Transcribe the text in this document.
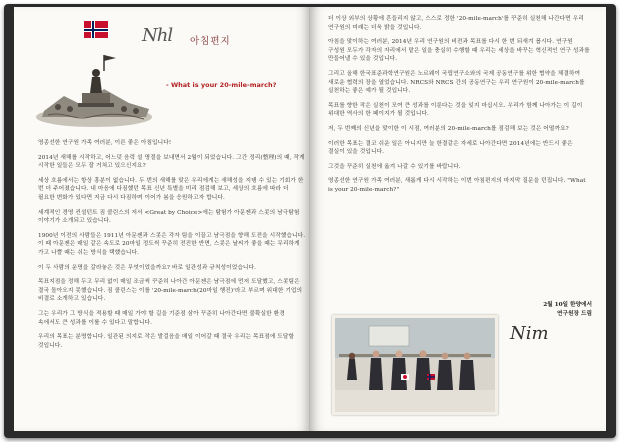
Nhl 아침편지
- What is your 20-mile-march?

영종선한 연구원 가족 여러분, 이른 좋은 아침입니다!

2014년 새해를 시작하고, 어느덧 음력 설 명절을 보내면서 2월이 되었습니다. 그간 정리(整理)의 때, 작게 시작한 일들은 모두 잘 거쳐고 있으신지요?

세상 흐름에서는 항상 흥분이 없습니다. 두 번의 새해를 맞은 우리에게는 새해성을 지탱 수 있는 기회가 한 번 더 주어졌습니다. 내 마음에 다짐했던 목표 신년 특별을 미리 점검해 보고, 세상의 흐름에 따라 더 필요한 변화가 있다면 지금 다시 다짐하며 이어가 봄을 응원하고자 합니다.

세계적인 경영 컨설턴트 짐 콜린스의 저서 <Great by Choice>에는 탐험가 아문젠과 스콧의 남극탐험 이야기가 소개되고 있습니다.

1900년 이전의 사람들은 1911년 아문젠과 스콧은 각자 팀을 이끌고 남극점을 향해 도전을 시작했습니다. 이 때 아문젠은 매일 같은 속도로 20마일 정도씩 꾸준히 전진한 반면, 스콧은 날씨가 좋을 때는 무리하게 가고 나쁠 때는 쉬는 방식을 택했습니다.

이 두 사람의 운명을 갈라놓은 것은 무엇이었을까요? 바로 일관성과 규칙성이었습니다.

목표지점을 정해 두고 무리 없이 매일 조금씩 꾸준히 나아간 아문젠은 남극점에 먼저 도달했고, 스콧팀은 결국 돌아오지 못했습니다. 짐 콜린스는 이를 '20-mile-march(20마일 행진)'라고 부르며 위대한 기업의 비결로 소개하고 있습니다.

그는 우리가 그 방식을 적용할 때 매일 가야 할 길을 기준점 삼아 꾸준히 나아간다면 불확실한 환경 속에서도 큰 성과를 이룰 수 있다고 말합니다.

우리의 목표는 분명합니다. 일관된 의지로 작은 발걸음을 매일 이어갈 때 결국 우리는 목표점에 도달할 것입니다.

더 이상 외부의 상황에 흔들리지 않고, 스스로 정한 '20-mile-march'를 꾸준히 실천해 나간다면 우리 연구원의 미래는 더욱 밝을 것입니다.

아침을 맞이하는 여러분, 2014년 우리 연구원의 비전과 목표를 다시 한 번 되새겨 봅시다. 연구원 구성원 모두가 각자의 자리에서 맡은 일을 충실히 수행할 때 우리는 세상을 바꾸는 혁신적인 연구 성과를 만들어낼 수 있을 것입니다.

그리고 올해 한국표준과학연구원은 노르웨이 국립연구소와의 국제 공동연구를 위한 협약을 체결하여 새로운 협력의 장을 열었습니다. NRCS와 NRCS 간의 공동연구는 우리 연구원이 20-mile-march를 실천하는 좋은 예가 될 것입니다.

목표를 향한 작은 실천이 모여 큰 성과를 이룬다는 것을 잊지 마십시오. 우리가 함께 나아가는 이 길이 위대한 역사의 한 페이지가 될 것입니다.

저, 두 번째의 신년을 맞이한 이 시점, 여러분의 20-mile-march를 점검해 보는 것은 어떨까요?

이러한 목표는 결코 쉬운 일은 아니지만 늘 한결같은 자세로 나아간다면 2014년에는 반드시 좋은 결실이 있을 것입니다.

그것을 꾸준히 실천에 옮겨 나갈 수 있기를 바랍니다.

영종선한 연구원 가족 여러분, 새롭게 다시 시작하는 이번 아침편지의 마지막 질문을 던집니다. "What is your 20-mile-march?"

2월 10일 한양에서
연구원장 드림
Nim
